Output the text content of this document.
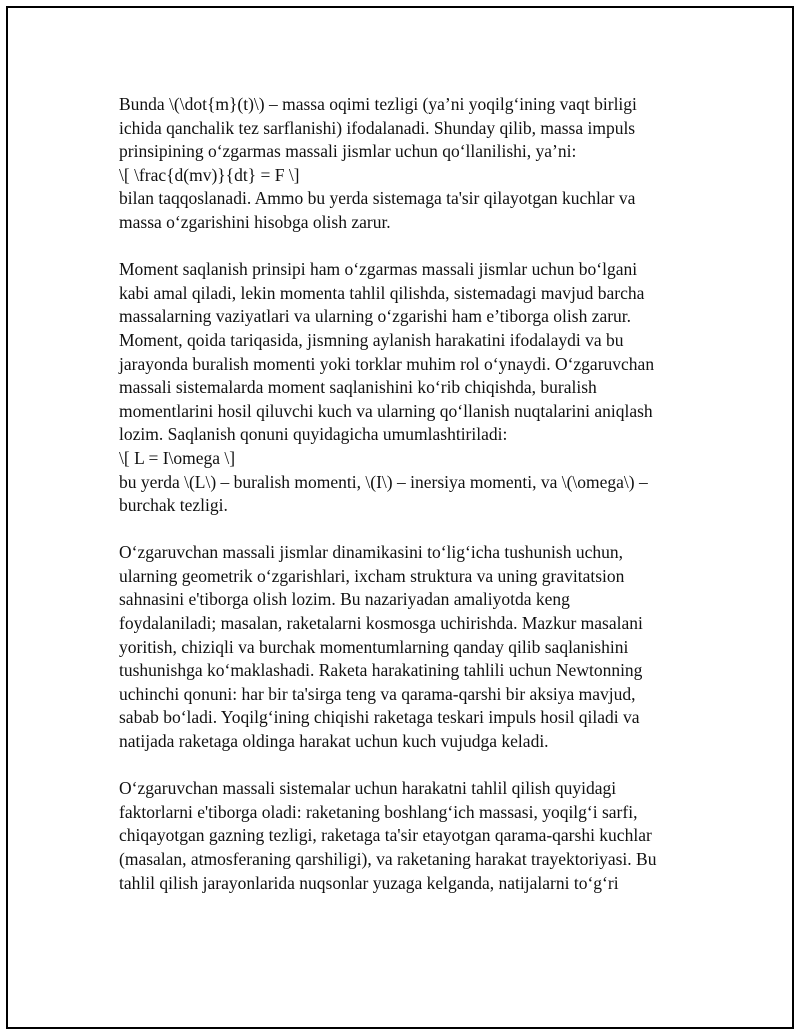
Bunda \(\dot{m}(t)\) – massa oqimi tezligi (ya’ni yoqilg‘ining vaqt birligi
ichida qanchalik tez sarflanishi) ifodalanadi. Shunday qilib, massa impuls
prinsipining o‘zgarmas massali jismlar uchun qo‘llanilishi, ya’ni:
\[ \frac{d(mv)}{dt} = F \]
bilan taqqoslanadi. Ammo bu yerda sistemaga ta'sir qilayotgan kuchlar va
massa o‘zgarishini hisobga olish zarur.
Moment saqlanish prinsipi ham o‘zgarmas massali jismlar uchun bo‘lgani
kabi amal qiladi, lekin momenta tahlil qilishda, sistemadagi mavjud barcha
massalarning vaziyatlari va ularning o‘zgarishi ham e’tiborga olish zarur.
Moment, qoida tariqasida, jismning aylanish harakatini ifodalaydi va bu
jarayonda buralish momenti yoki torklar muhim rol o‘ynaydi. O‘zgaruvchan
massali sistemalarda moment saqlanishini ko‘rib chiqishda, buralish
momentlarini hosil qiluvchi kuch va ularning qo‘llanish nuqtalarini aniqlash
lozim. Saqlanish qonuni quyidagicha umumlashtiriladi:
\[ L = I\omega \]
bu yerda \(L\) – buralish momenti, \(I\) – inersiya momenti, va \(\omega\) –
burchak tezligi.
O‘zgaruvchan massali jismlar dinamikasini to‘lig‘icha tushunish uchun,
ularning geometrik o‘zgarishlari, ixcham struktura va uning gravitatsion
sahnasini e'tiborga olish lozim. Bu nazariyadan amaliyotda keng
foydalaniladi; masalan, raketalarni kosmosga uchirishda. Mazkur masalani
yoritish, chiziqli va burchak momentumlarning qanday qilib saqlanishini
tushunishga ko‘maklashadi. Raketa harakatining tahlili uchun Newtonning
uchinchi qonuni: har bir ta'sirga teng va qarama-qarshi bir aksiya mavjud,
sabab bo‘ladi. Yoqilg‘ining chiqishi raketaga teskari impuls hosil qiladi va
natijada raketaga oldinga harakat uchun kuch vujudga keladi.
O‘zgaruvchan massali sistemalar uchun harakatni tahlil qilish quyidagi
faktorlarni e'tiborga oladi: raketaning boshlang‘ich massasi, yoqilg‘i sarfi,
chiqayotgan gazning tezligi, raketaga ta'sir etayotgan qarama-qarshi kuchlar
(masalan, atmosferaning qarshiligi), va raketaning harakat trayektoriyasi. Bu
tahlil qilish jarayonlarida nuqsonlar yuzaga kelganda, natijalarni to‘g‘ri
